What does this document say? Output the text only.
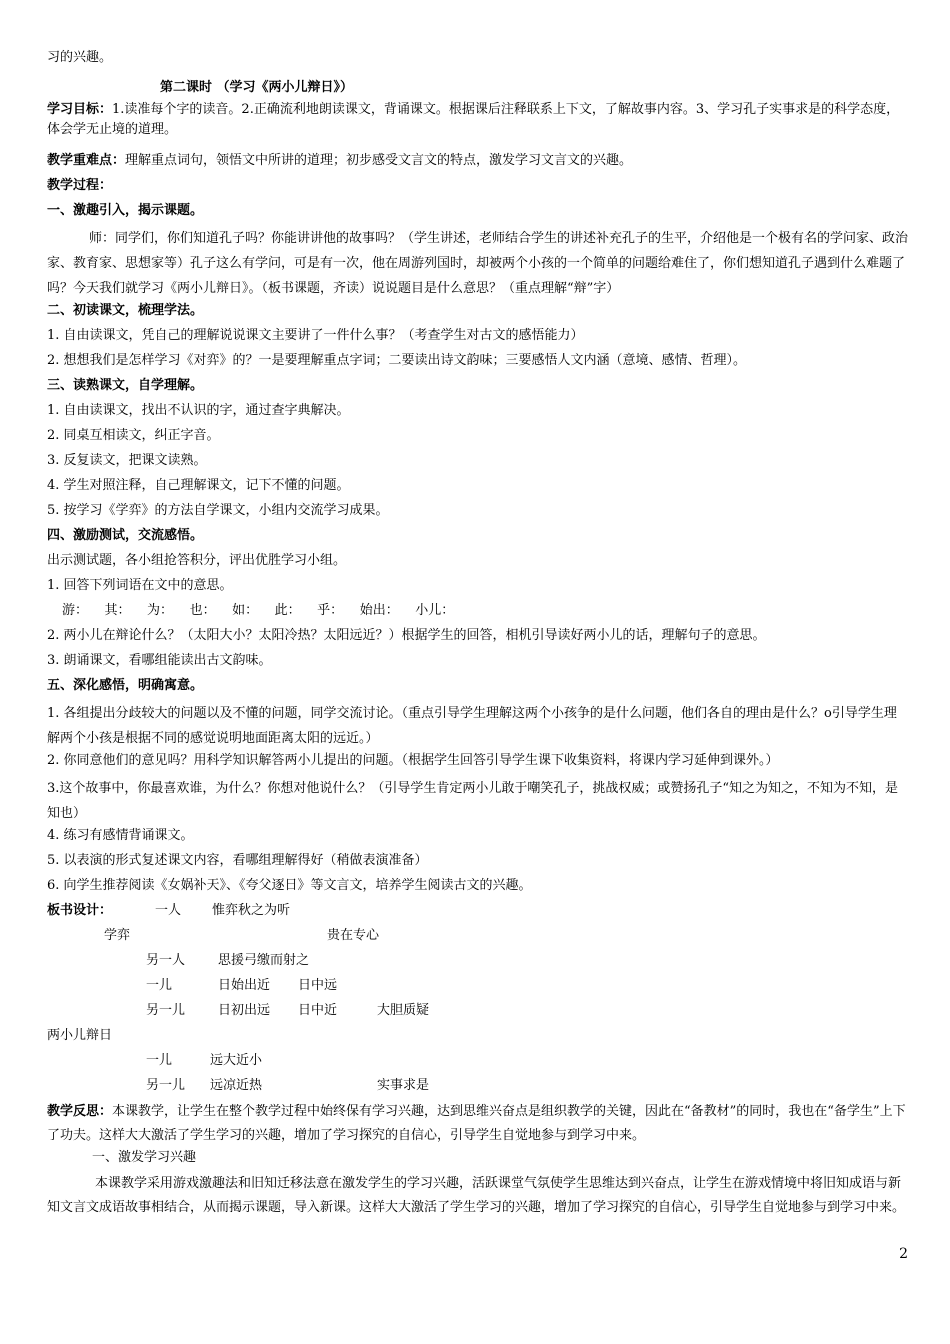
习的兴趣。
第二课时 （学习《两小儿辩日》）
学习目标：1.读准每个字的读音。2.正确流利地朗读课文，背诵课文。根据课后注释联系上下文，了解故事内容。3、学习孔子实事求是的科学态度，体会学无止境的道理。
教学重难点：理解重点词句，领悟文中所讲的道理；初步感受文言文的特点，激发学习文言文的兴趣。
教学过程：
一、激趣引入，揭示课题。
师：同学们，你们知道孔子吗？你能讲讲他的故事吗？（学生讲述，老师结合学生的讲述补充孔子的生平，介绍他是一个极有名的学问家、政治家、教育家、思想家等）孔子这么有学问，可是有一次，他在周游列国时，却被两个小孩的一个简单的问题给难住了，你们想知道孔子遇到什么难题了吗？今天我们就学习《两小儿辩日》。（板书课题，齐读）说说题目是什么意思？（重点理解“辩”字）
二、初读课文，梳理学法。
1. 自由读课文，凭自己的理解说说课文主要讲了一件什么事？（考查学生对古文的感悟能力）
2. 想想我们是怎样学习《对弈》的？一是要理解重点字词；二要读出诗文韵味；三要感悟人文内涵（意境、感情、哲理）。
三、读熟课文，自学理解。
1. 自由读课文，找出不认识的字，通过查字典解决。
2. 同桌互相读文，纠正字音。
3. 反复读文，把课文读熟。
4. 学生对照注释，自己理解课文，记下不懂的问题。
5. 按学习《学弈》的方法自学课文，小组内交流学习成果。
四、激励测试，交流感悟。
出示测试题，各小组抢答积分，评出优胜学习小组。
1. 回答下列词语在文中的意思。
游：    其：    为：    也：    如：    此：    乎：    始出：    小儿：
2. 两小儿在辩论什么？（太阳大小？太阳冷热？太阳远近？）根据学生的回答，相机引导读好两小儿的话，理解句子的意思。
3. 朗诵课文，看哪组能读出古文韵味。
五、深化感悟，明确寓意。
1. 各组提出分歧较大的问题以及不懂的问题，同学交流讨论。（重点引导学生理解这两个小孩争的是什么问题，他们各自的理由是什么？o引导学生理解两个小孩是根据不同的感觉说明地面距离太阳的远近。）
2. 你同意他们的意见吗？用科学知识解答两小儿提出的问题。（根据学生回答引导学生课下收集资料，将课内学习延伸到课外。）
3.这个故事中，你最喜欢谁，为什么？你想对他说什么？（引导学生肯定两小儿敢于嘲笑孔子，挑战权威；或赞扬孔子“知之为知之，不知为不知，是知也）
4. 练习有感情背诵课文。
5. 以表演的形式复述课文内容，看哪组理解得好（稍做表演准备）
6. 向学生推荐阅读《女娲补天》、《夸父逐日》等文言文，培养学生阅读古文的兴趣。
板书设计：	一人 惟弈秋之为听
学弈	贵在专心
另一人	思援弓缴而射之
一儿	日始出近 日中远
另一儿	日初出远 日中近	大胆质疑
两小儿辩日
一儿	远大近小
另一儿 远凉近热	实事求是
教学反思：本课教学，让学生在整个教学过程中始终保有学习兴趣，达到思维兴奋点是组织教学的关键，因此在“备教材”的同时，我也在“备学生”上下了功夫。这样大大激活了学生学习的兴趣，增加了学习探究的自信心，引导学生自觉地参与到学习中来。
一、激发学习兴趣
本课教学采用游戏激趣法和旧知迁移法意在激发学生的学习兴趣，活跃课堂气氛使学生思维达到兴奋点，让学生在游戏情境中将旧知成语与新知文言文成语故事相结合，从而揭示课题，导入新课。这样大大激活了学生学习的兴趣，增加了学习探究的自信心，引导学生自觉地参与到学习中来。
2
